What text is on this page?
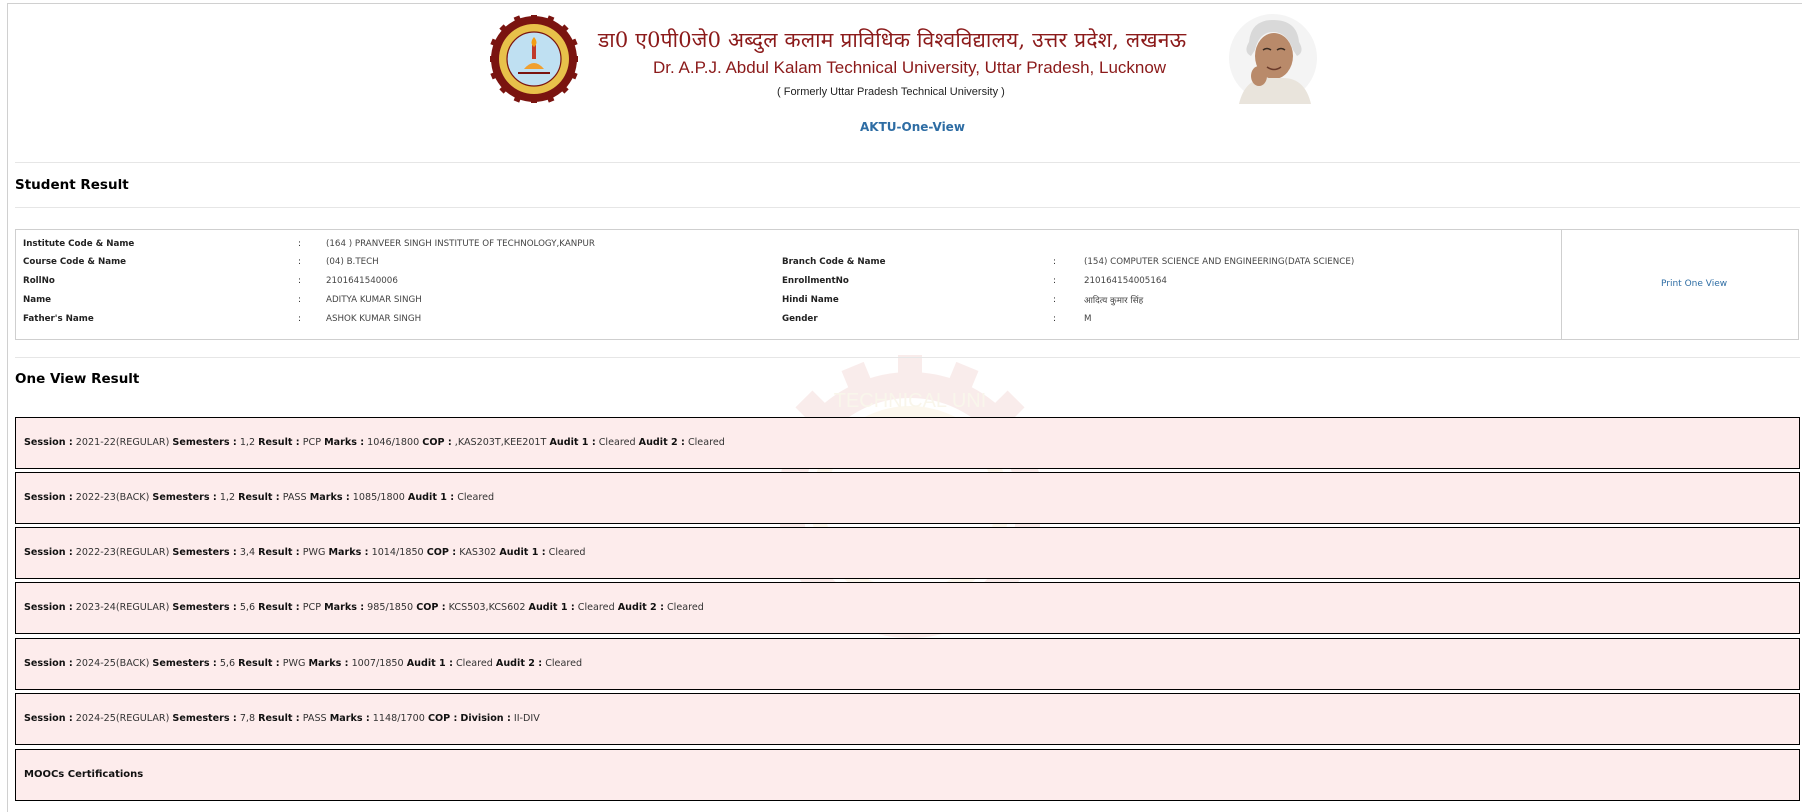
डा0 ए0पी0जे0 अब्दुल कलाम प्राविधिक विश्वविद्यालय, उत्तर प्रदेश, लखनऊ
Dr. A.P.J. Abdul Kalam Technical University, Uttar Pradesh, Lucknow
( Formerly Uttar Pradesh Technical University )
AKTU-One-View
Student Result
TECHNICAL UNI
Institute Code & Name	:	(164 ) PRANVEER SINGH INSTITUTE OF TECHNOLOGY,KANPUR
Course Code & Name	:	(04) B.TECH	Branch Code & Name	:	(154) COMPUTER SCIENCE AND ENGINEERING(DATA SCIENCE)
RollNo	:	2101641540006	EnrollmentNo	:	210164154005164
Name	:	ADITYA KUMAR SINGH	Hindi Name	:	आदित्य कुमार सिंह
Father's Name	:	ASHOK KUMAR SINGH	Gender	:	M
Print One View
One View Result
Session : 2021-22(REGULAR) Semesters : 1,2 Result : PCP Marks : 1046/1800 COP : ,KAS203T,KEE201T Audit 1 : Cleared Audit 2 : Cleared
Session : 2022-23(BACK) Semesters : 1,2 Result : PASS Marks : 1085/1800 Audit 1 : Cleared
Session : 2022-23(REGULAR) Semesters : 3,4 Result : PWG Marks : 1014/1850 COP : KAS302 Audit 1 : Cleared
Session : 2023-24(REGULAR) Semesters : 5,6 Result : PCP Marks : 985/1850 COP : KCS503,KCS602 Audit 1 : Cleared Audit 2 : Cleared
Session : 2024-25(BACK) Semesters : 5,6 Result : PWG Marks : 1007/1850 Audit 1 : Cleared Audit 2 : Cleared
Session : 2024-25(REGULAR) Semesters : 7,8 Result : PASS Marks : 1148/1700 COP : Division : II-DIV
MOOCs Certifications
